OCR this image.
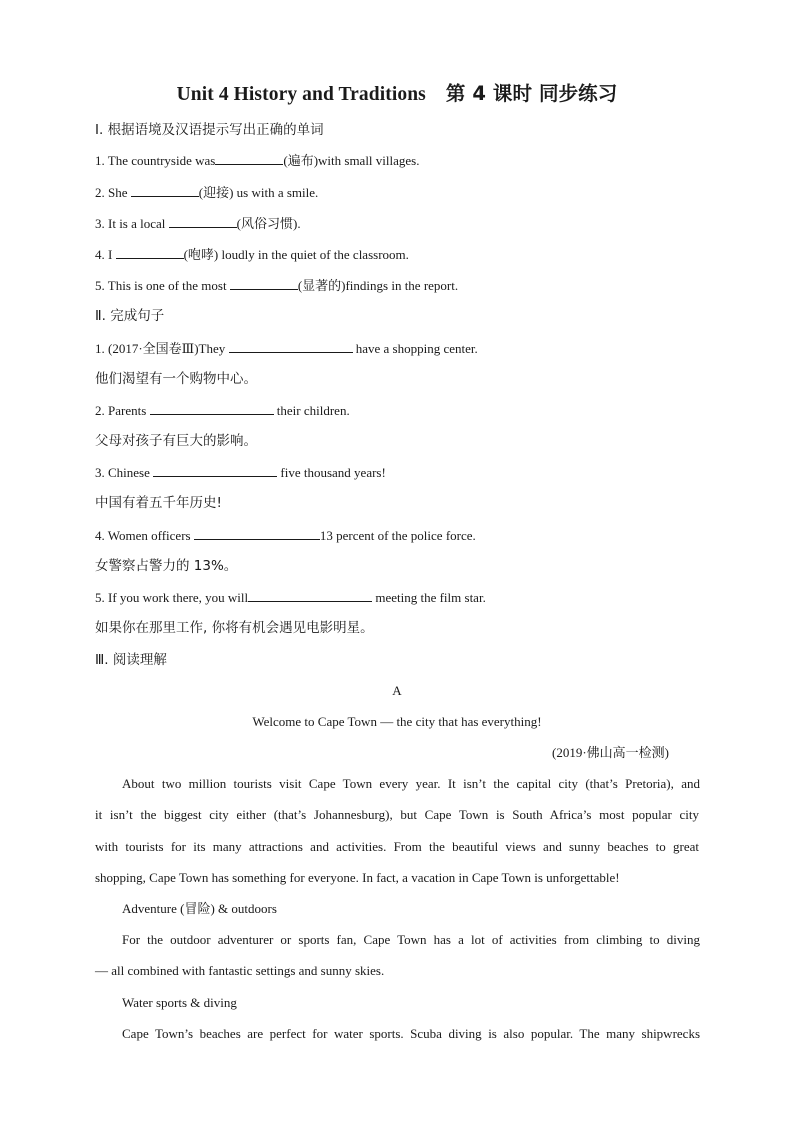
Unit 4 History and Traditions 第 4 课时 同步练习
Ⅰ. 根据语境及汉语提示写出正确的单词
1. The countryside was	(遍布)with small villages.
2. She	(迎接) us with a smile.
3. It is a local	(风俗习惯).
4. I	(咆哮) loudly in the quiet of the classroom.
5. This is one of the most	(显著的)findings in the report.
Ⅱ. 完成句子
1. (2017·全国卷Ⅲ)They	have a shopping center.
他们渴望有一个购物中心。
2. Parents	their children.
父母对孩子有巨大的影响。
3. Chinese	five thousand years!
中国有着五千年历史!
4. Women officers	13 percent of the police force.
女警察占警力的 13%。
5. If you work there, you will	meeting the film star.
如果你在那里工作, 你将有机会遇见电影明星。
Ⅲ. 阅读理解
A
Welcome to Cape Town — the city that has everything!
(2019·佛山高一检测)
About two million tourists visit Cape Town every year. It isn’t the capital city (that’s Pretoria), and
it isn’t the biggest city either (that’s Johannesburg), but Cape Town is South Africa’s most popular city
with tourists for its many attractions and activities. From the beautiful views and sunny beaches to great
shopping, Cape Town has something for everyone. In fact, a vacation in Cape Town is unforgettable!
Adventure (冒险) & outdoors
For the outdoor adventurer or sports fan, Cape Town has a lot of activities from climbing to diving
— all combined with fantastic settings and sunny skies.
Water sports & diving
Cape Town’s beaches are perfect for water sports. Scuba diving is also popular. The many shipwrecks
